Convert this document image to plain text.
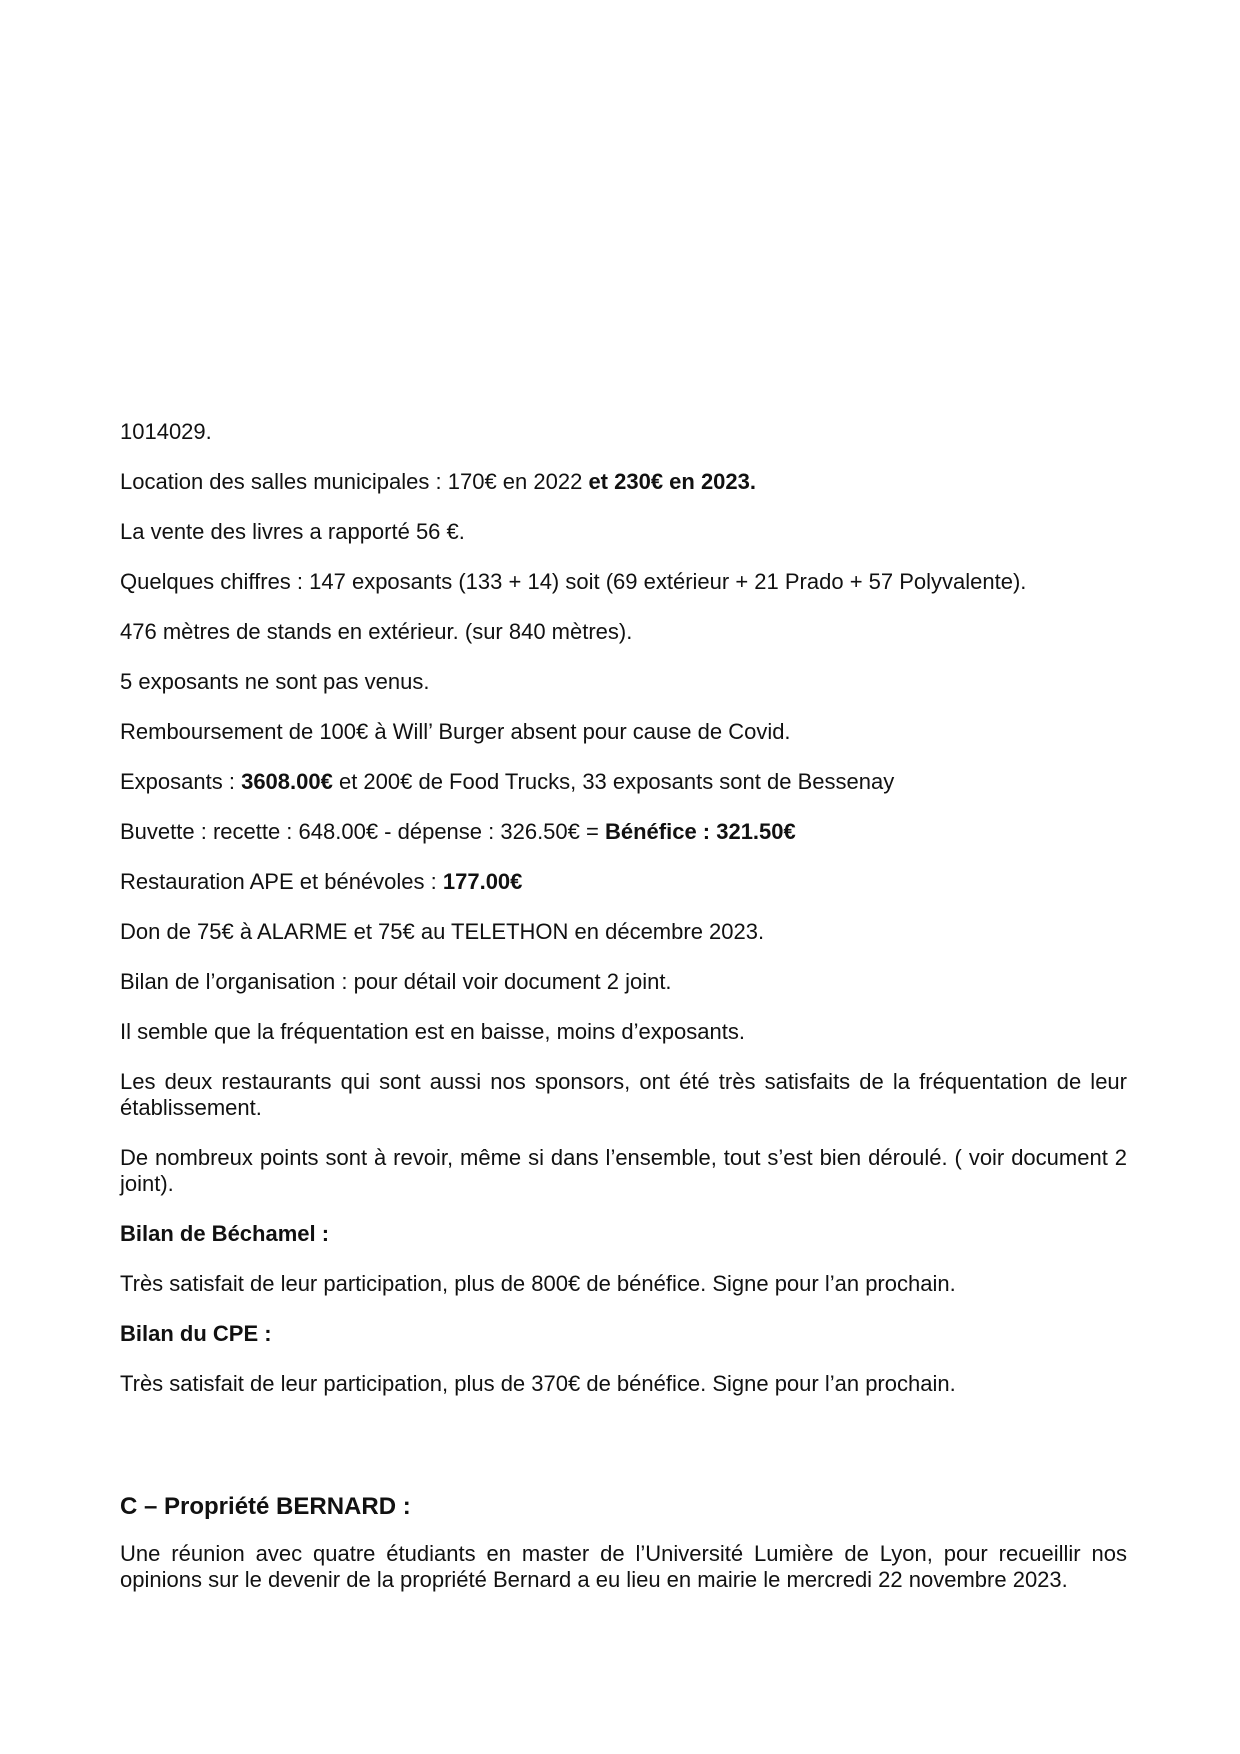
1014029.

Location des salles municipales : 170€ en 2022 et 230€ en 2023.

La vente des livres a rapporté 56 €.

Quelques chiffres : 147 exposants (133 + 14) soit (69 extérieur + 21 Prado + 57 Polyvalente).

476 mètres de stands en extérieur. (sur 840 mètres).

5 exposants ne sont pas venus.

Remboursement de 100€ à Will’ Burger absent pour cause de Covid.

Exposants : 3608.00€ et 200€ de Food Trucks, 33 exposants sont de Bessenay

Buvette : recette : 648.00€ - dépense : 326.50€ = Bénéfice : 321.50€

Restauration APE et bénévoles : 177.00€

Don de 75€ à ALARME et 75€ au TELETHON en décembre 2023.

Bilan de l’organisation : pour détail voir document 2 joint.

Il semble que la fréquentation est en baisse, moins d’exposants.

Les deux restaurants qui sont aussi nos sponsors, ont été très satisfaits de la fréquentation de leur établissement.

De nombreux points sont à revoir, même si dans l’ensemble, tout s’est bien déroulé. ( voir document 2 joint).

Bilan de Béchamel :

Très satisfait de leur participation, plus de 800€ de bénéfice. Signe pour l’an prochain.

Bilan du CPE :

Très satisfait de leur participation, plus de 370€ de bénéfice. Signe pour l’an prochain.

C – Propriété BERNARD :

Une réunion avec quatre étudiants en master de l’Université Lumière de Lyon, pour recueillir nos opinions sur le devenir de la propriété Bernard a eu lieu en mairie le mercredi 22 novembre 2023.
